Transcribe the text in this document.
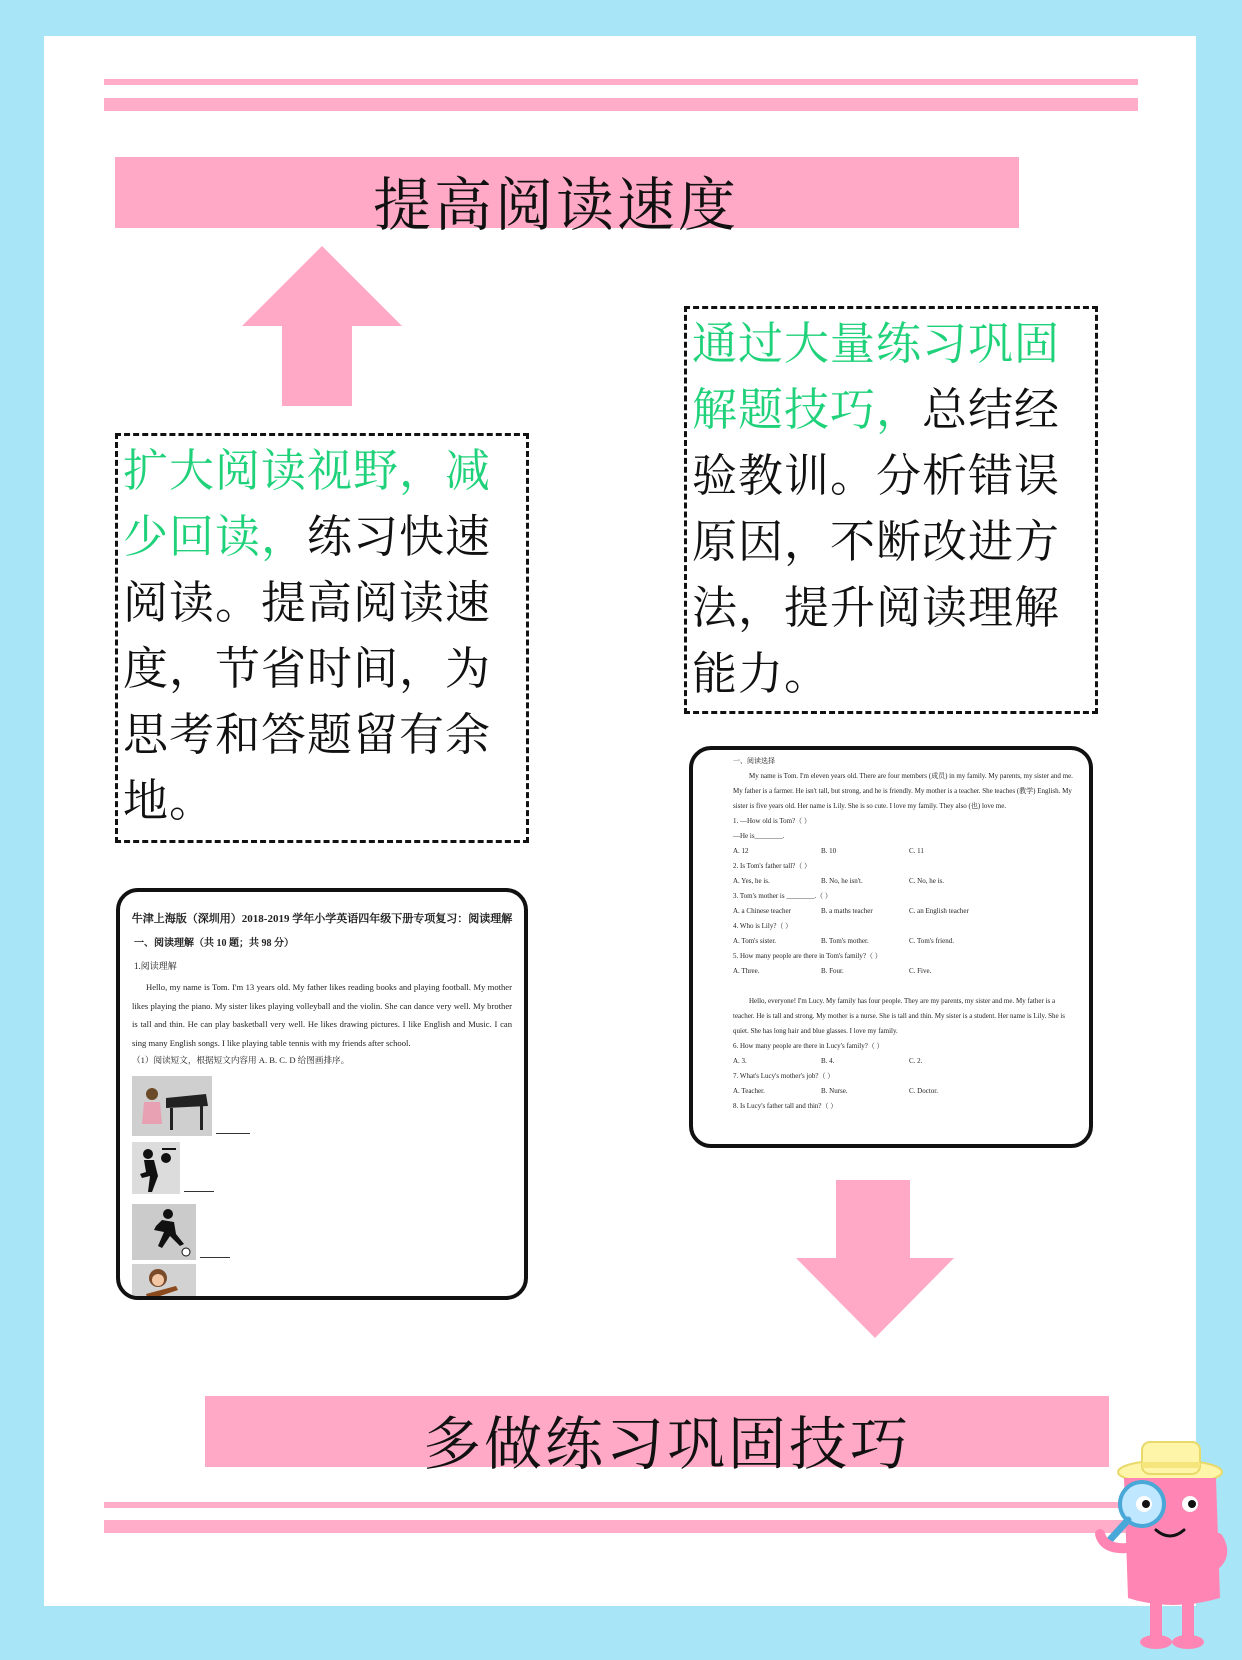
提高阅读速度
扩大阅读视野，减少回读，练习快速阅读。提高阅读速度，节省时间，为思考和答题留有余地。
通过大量练习巩固解题技巧，总结经验教训。分析错误原因，不断改进方法，提升阅读理解能力。
牛津上海版（深圳用）2018-2019 学年小学英语四年级下册专项复习：阅读理解
一、阅读理解（共 10 题；共 98 分）
1.阅读理解
Hello, my name is Tom. I'm 13 years old. My father likes reading books and playing football. My mother likes playing the piano. My sister likes playing volleyball and the violin. She can dance very well. My brother is tall and thin. He can play basketball very well. He likes drawing pictures. I like English and Music. I can sing many English songs. I like playing table tennis with my friends after school.
（1）阅读短文，根据短文内容用 A. B. C. D 给图画排序。

一、阅读选择

My name is Tom. I'm eleven years old. There are four members (成员) in my family. My parents, my sister and me. My father is a farmer. He isn't tall, but strong, and he is friendly. My mother is a teacher. She teaches (教学) English. My sister is five years old. Her name is Lily. She is so cute. I love my family. They also (也) love me.

1. —How old is Tom?（ ）

—He is________.

A. 12	B. 10	C. 11

2. Is Tom's father tall?（ ）

A. Yes, he is.	B. No, he isn't.	C. No, he is.

3. Tom's mother is ________.（ ）

A. a Chinese teacher	B. a maths teacher	C. an English teacher

4. Who is Lily?（ ）

A. Tom's sister.	B. Tom's mother.	C. Tom's friend.

5. How many people are there in Tom's family?（ ）

A. Three.	B. Four.	C. Five.

Hello, everyone! I'm Lucy. My family has four people. They are my parents, my sister and me. My father is a teacher. He is tall and strong. My mother is a nurse. She is tall and thin. My sister is a student. Her name is Lily. She is quiet. She has long hair and blue glasses. I love my family.

6. How many people are there in Lucy's family?（ ）

A. 3.	B. 4.	C. 2.

7. What's Lucy's mother's job?（ ）

A. Teacher.	B. Nurse.	C. Doctor.

8. Is Lucy's father tall and thin?（ ）

多做练习巩固技巧
